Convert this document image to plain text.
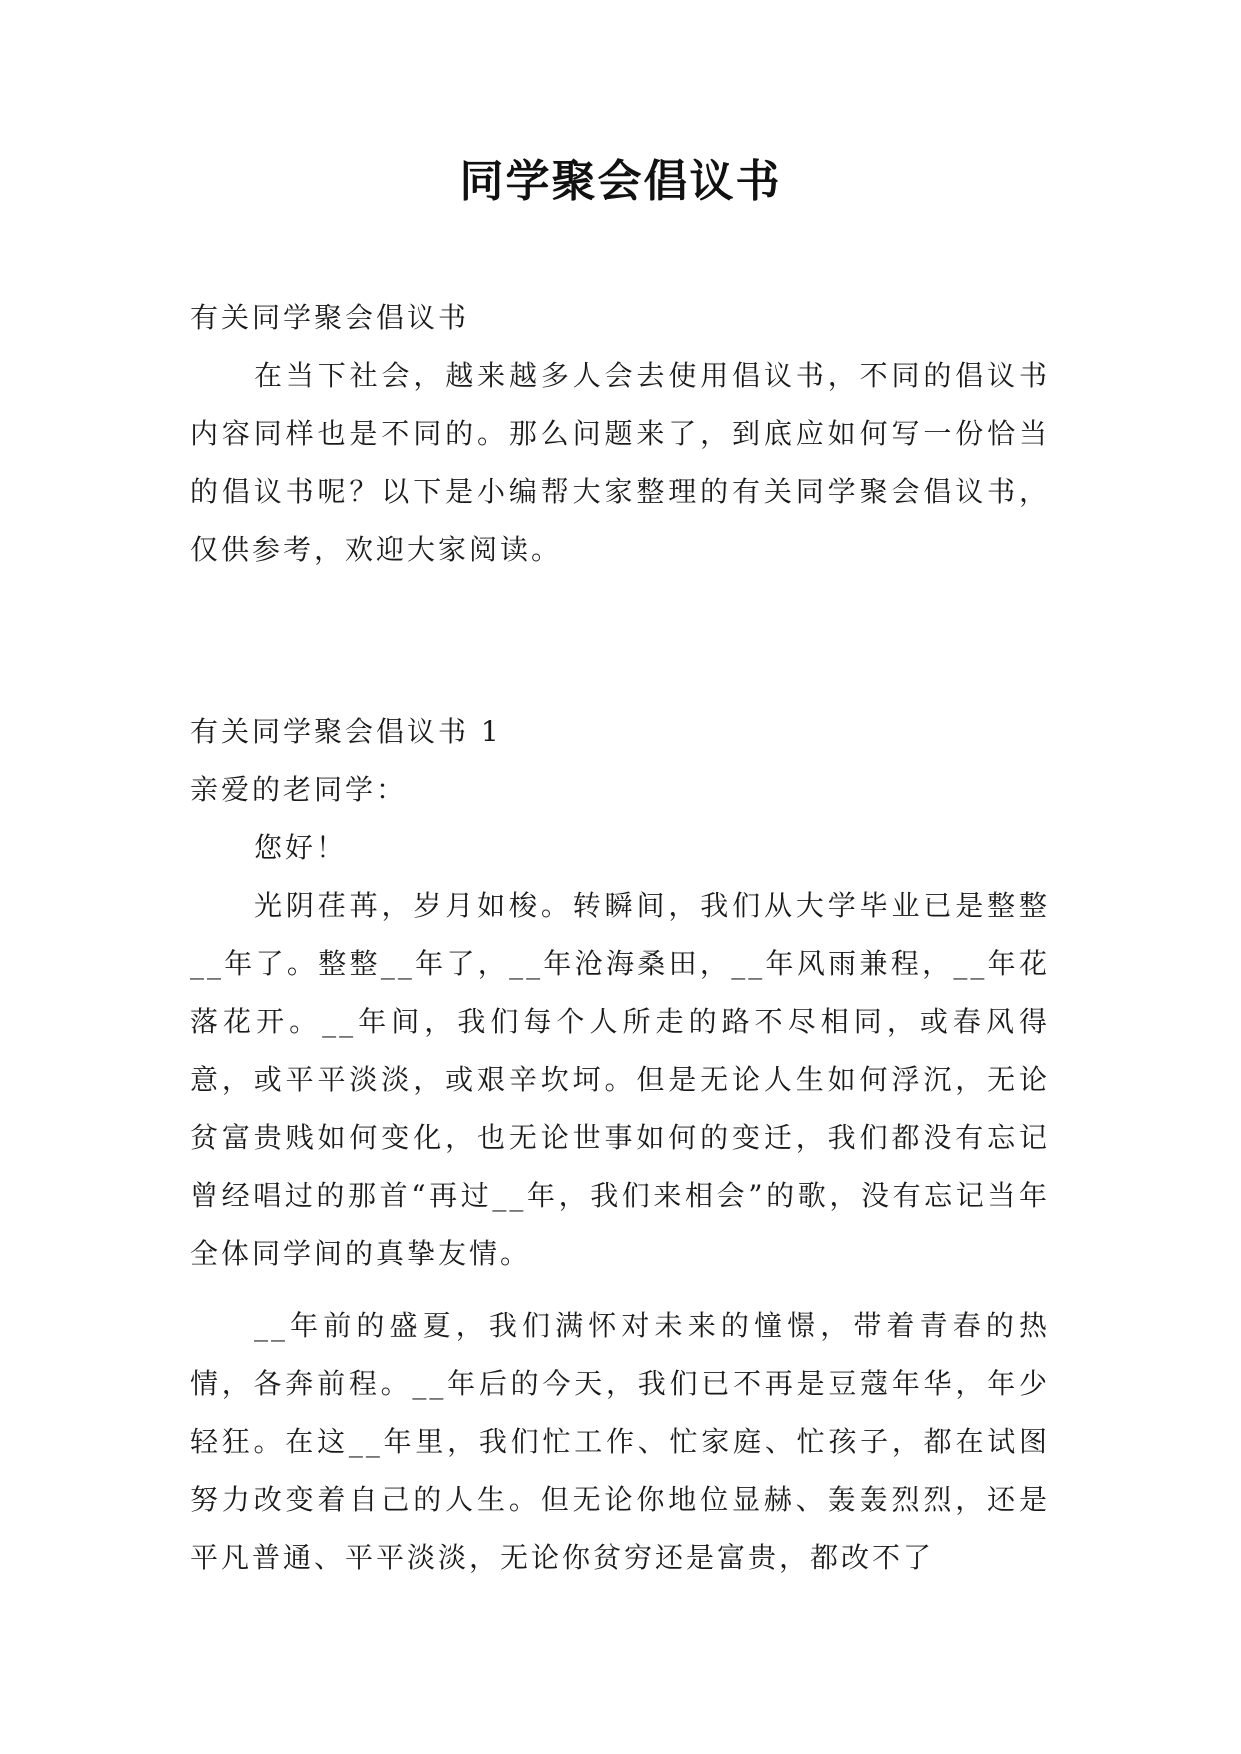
同学聚会倡议书

有关同学聚会倡议书

在当下社会，越来越多人会去使用倡议书，不同的倡议书内容同样也是不同的。那么问题来了，到底应如何写一份恰当的倡议书呢？以下是小编帮大家整理的有关同学聚会倡议书，仅供参考，欢迎大家阅读。

有关同学聚会倡议书 1

亲爱的老同学：

您好！

光阴荏苒，岁月如梭。转瞬间，我们从大学毕业已是整整__年了。整整__年了，__年沧海桑田，__年风雨兼程，__年花落花开。__年间，我们每个人所走的路不尽相同，或春风得意，或平平淡淡，或艰辛坎坷。但是无论人生如何浮沉，无论贫富贵贱如何变化，也无论世事如何的变迁，我们都没有忘记曾经唱过的那首“再过__年，我们来相会”的歌，没有忘记当年全体同学间的真挚友情。

__年前的盛夏，我们满怀对未来的憧憬，带着青春的热情，各奔前程。__年后的今天，我们已不再是豆蔻年华，年少轻狂。在这__年里，我们忙工作、忙家庭、忙孩子，都在试图努力改变着自己的人生。但无论你地位显赫、轰轰烈烈，还是平凡普通、平平淡淡，无论你贫穷还是富贵，都改不了
